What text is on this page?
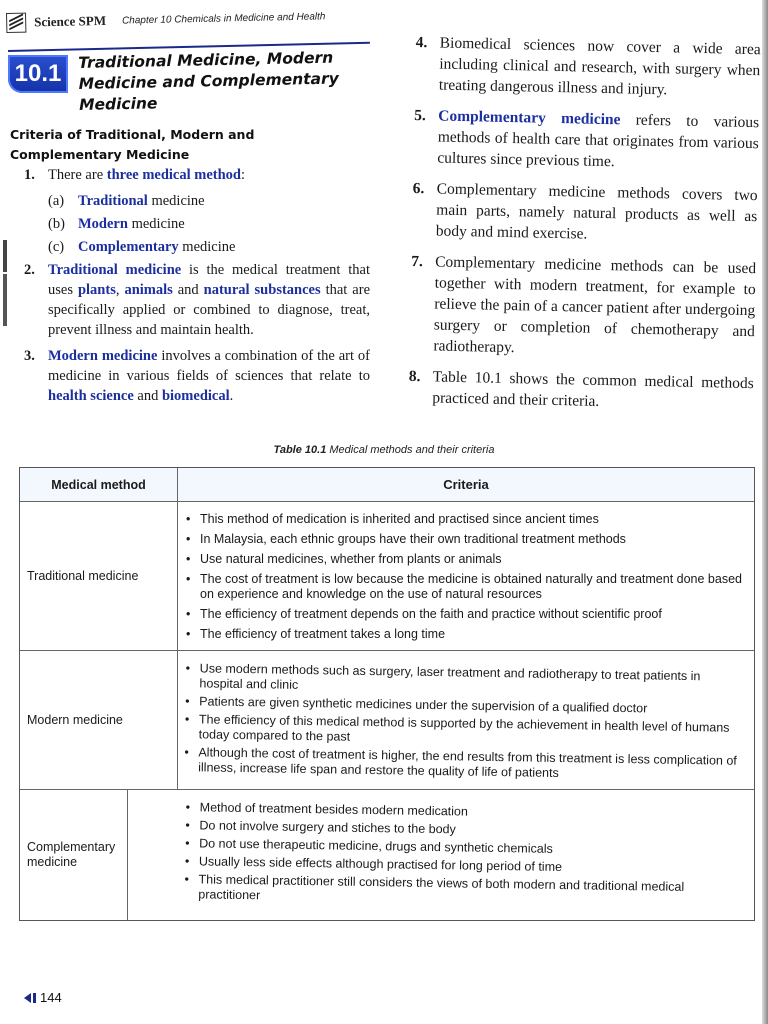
Science SPM Chapter 10 Chemicals in Medicine and Health
10.1	Traditional Medicine, Modern Medicine and Complementary Medicine
Criteria of Traditional, Modern and Complementary Medicine
1. There are three medical method:
(a) Traditional medicine
(b) Modern medicine
(c) Complementary medicine
2. Traditional medicine is the medical treatment that uses plants, animals and natural substances that are specifically applied or combined to diagnose, treat, prevent illness and maintain health.
3. Modern medicine involves a combination of the art of medicine in various fields of sciences that relate to health science and biomedical.
4. Biomedical sciences now cover a wide area including clinical and research, with surgery when treating dangerous illness and injury.
5. Complementary medicine refers to various methods of health care that originates from various cultures since previous time.
6. Complementary medicine methods covers two main parts, namely natural products as well as body and mind exercise.
7. Complementary medicine methods can be used together with modern treatment, for example to relieve the pain of a cancer patient after undergoing surgery or completion of chemotherapy and radiotherapy.
8. Table 10.1 shows the common medical methods practiced and their criteria.
Table 10.1 Medical methods and their criteria
Medical method	Criteria
Traditional medicine
• This method of medication is inherited and practised since ancient times
• In Malaysia, each ethnic groups have their own traditional treatment methods
• Use natural medicines, whether from plants or animals
• The cost of treatment is low because the medicine is obtained naturally and treatment done based on experience and knowledge on the use of natural resources
• The efficiency of treatment depends on the faith and practice without scientific proof
• The efficiency of treatment takes a long time
Modern medicine
• Use modern methods such as surgery, laser treatment and radiotherapy to treat patients in hospital and clinic
• Patients are given synthetic medicines under the supervision of a qualified doctor
• The efficiency of this medical method is supported by the achievement in health level of humans today compared to the past
• Although the cost of treatment is higher, the end results from this treatment is less complication of illness, increase life span and restore the quality of life of patients
Complementary medicine
• Method of treatment besides modern medication
• Do not involve surgery and stiches to the body
• Do not use therapeutic medicine, drugs and synthetic chemicals
• Usually less side effects although practised for long period of time
• This medical practitioner still considers the views of both modern and traditional medical practitioner
144
